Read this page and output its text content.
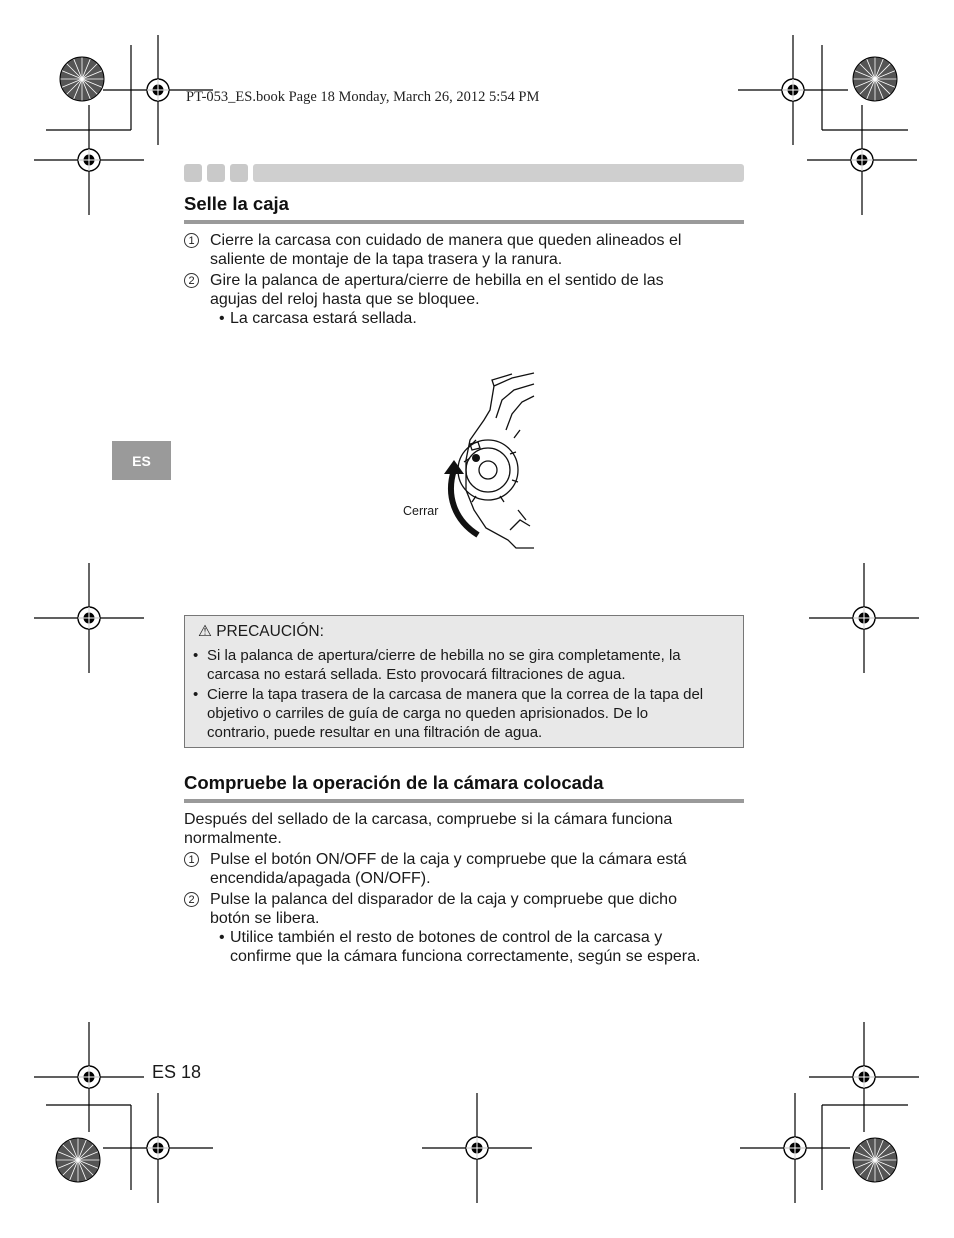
PT-053_ES.book Page 18 Monday, March 26, 2012 5:54 PM
Selle la caja
1 Cierre la carcasa con cuidado de manera que queden alineados el
saliente de montaje de la tapa trasera y la ranura.
2 Gire la palanca de apertura/cierre de hebilla en el sentido de las
agujas del reloj hasta que se bloquee.
• La carcasa estará sellada.
ES
Cerrar
⚠ PRECAUCIÓN:
• Si la palanca de apertura/cierre de hebilla no se gira completamente, la
carcasa no estará sellada. Esto provocará filtraciones de agua.
• Cierre la tapa trasera de la carcasa de manera que la correa de la tapa del
objetivo o carriles de guía de carga no queden aprisionados. De lo
contrario, puede resultar en una filtración de agua.
Compruebe la operación de la cámara colocada
Después del sellado de la carcasa, compruebe si la cámara funciona
normalmente.
1 Pulse el botón ON/OFF de la caja y compruebe que la cámara está
encendida/apagada (ON/OFF).
2 Pulse la palanca del disparador de la caja y compruebe que dicho
botón se libera.
• Utilice también el resto de botones de control de la carcasa y
confirme que la cámara funciona correctamente, según se espera.
ES 18
